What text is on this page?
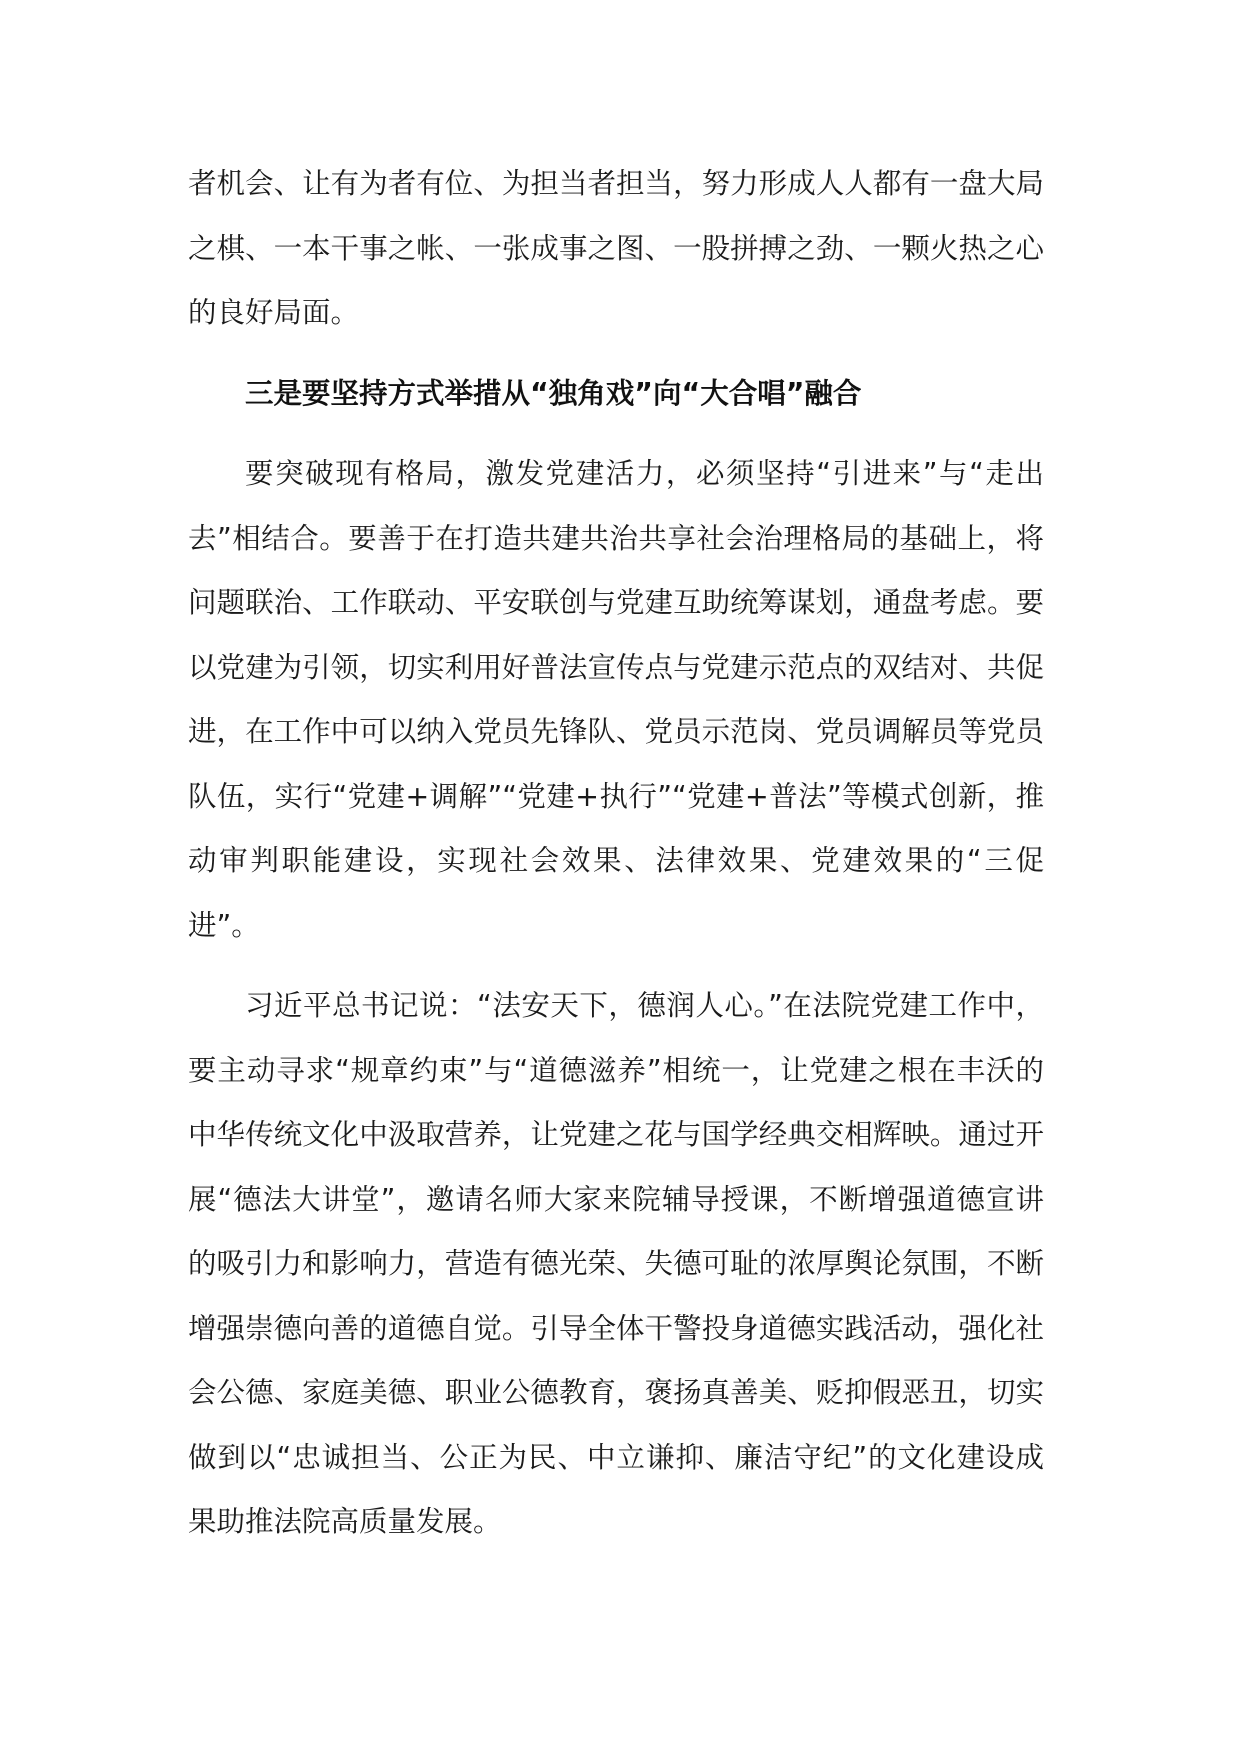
者机会、让有为者有位、为担当者担当，努力形成人人都有一盘大局之棋、一本干事之帐、一张成事之图、一股拼搏之劲、一颗火热之心的良好局面。

三是要坚持方式举措从“独角戏”向“大合唱”融合

要突破现有格局，激发党建活力，必须坚持“引进来”与“走出去”相结合。要善于在打造共建共治共享社会治理格局的基础上，将问题联治、工作联动、平安联创与党建互助统筹谋划，通盘考虑。要以党建为引领，切实利用好普法宣传点与党建示范点的双结对、共促进，在工作中可以纳入党员先锋队、党员示范岗、党员调解员等党员队伍，实行“党建+调解”“党建+执行”“党建+普法”等模式创新，推动审判职能建设，实现社会效果、法律效果、党建效果的“三促进”。

习近平总书记说：“法安天下，德润人心。”在法院党建工作中，要主动寻求“规章约束”与“道德滋养”相统一，让党建之根在丰沃的中华传统文化中汲取营养，让党建之花与国学经典交相辉映。通过开展“德法大讲堂”，邀请名师大家来院辅导授课，不断增强道德宣讲的吸引力和影响力，营造有德光荣、失德可耻的浓厚舆论氛围，不断增强崇德向善的道德自觉。引导全体干警投身道德实践活动，强化社会公德、家庭美德、职业公德教育，褒扬真善美、贬抑假恶丑，切实做到以“忠诚担当、公正为民、中立谦抑、廉洁守纪”的文化建设成果助推法院高质量发展。
